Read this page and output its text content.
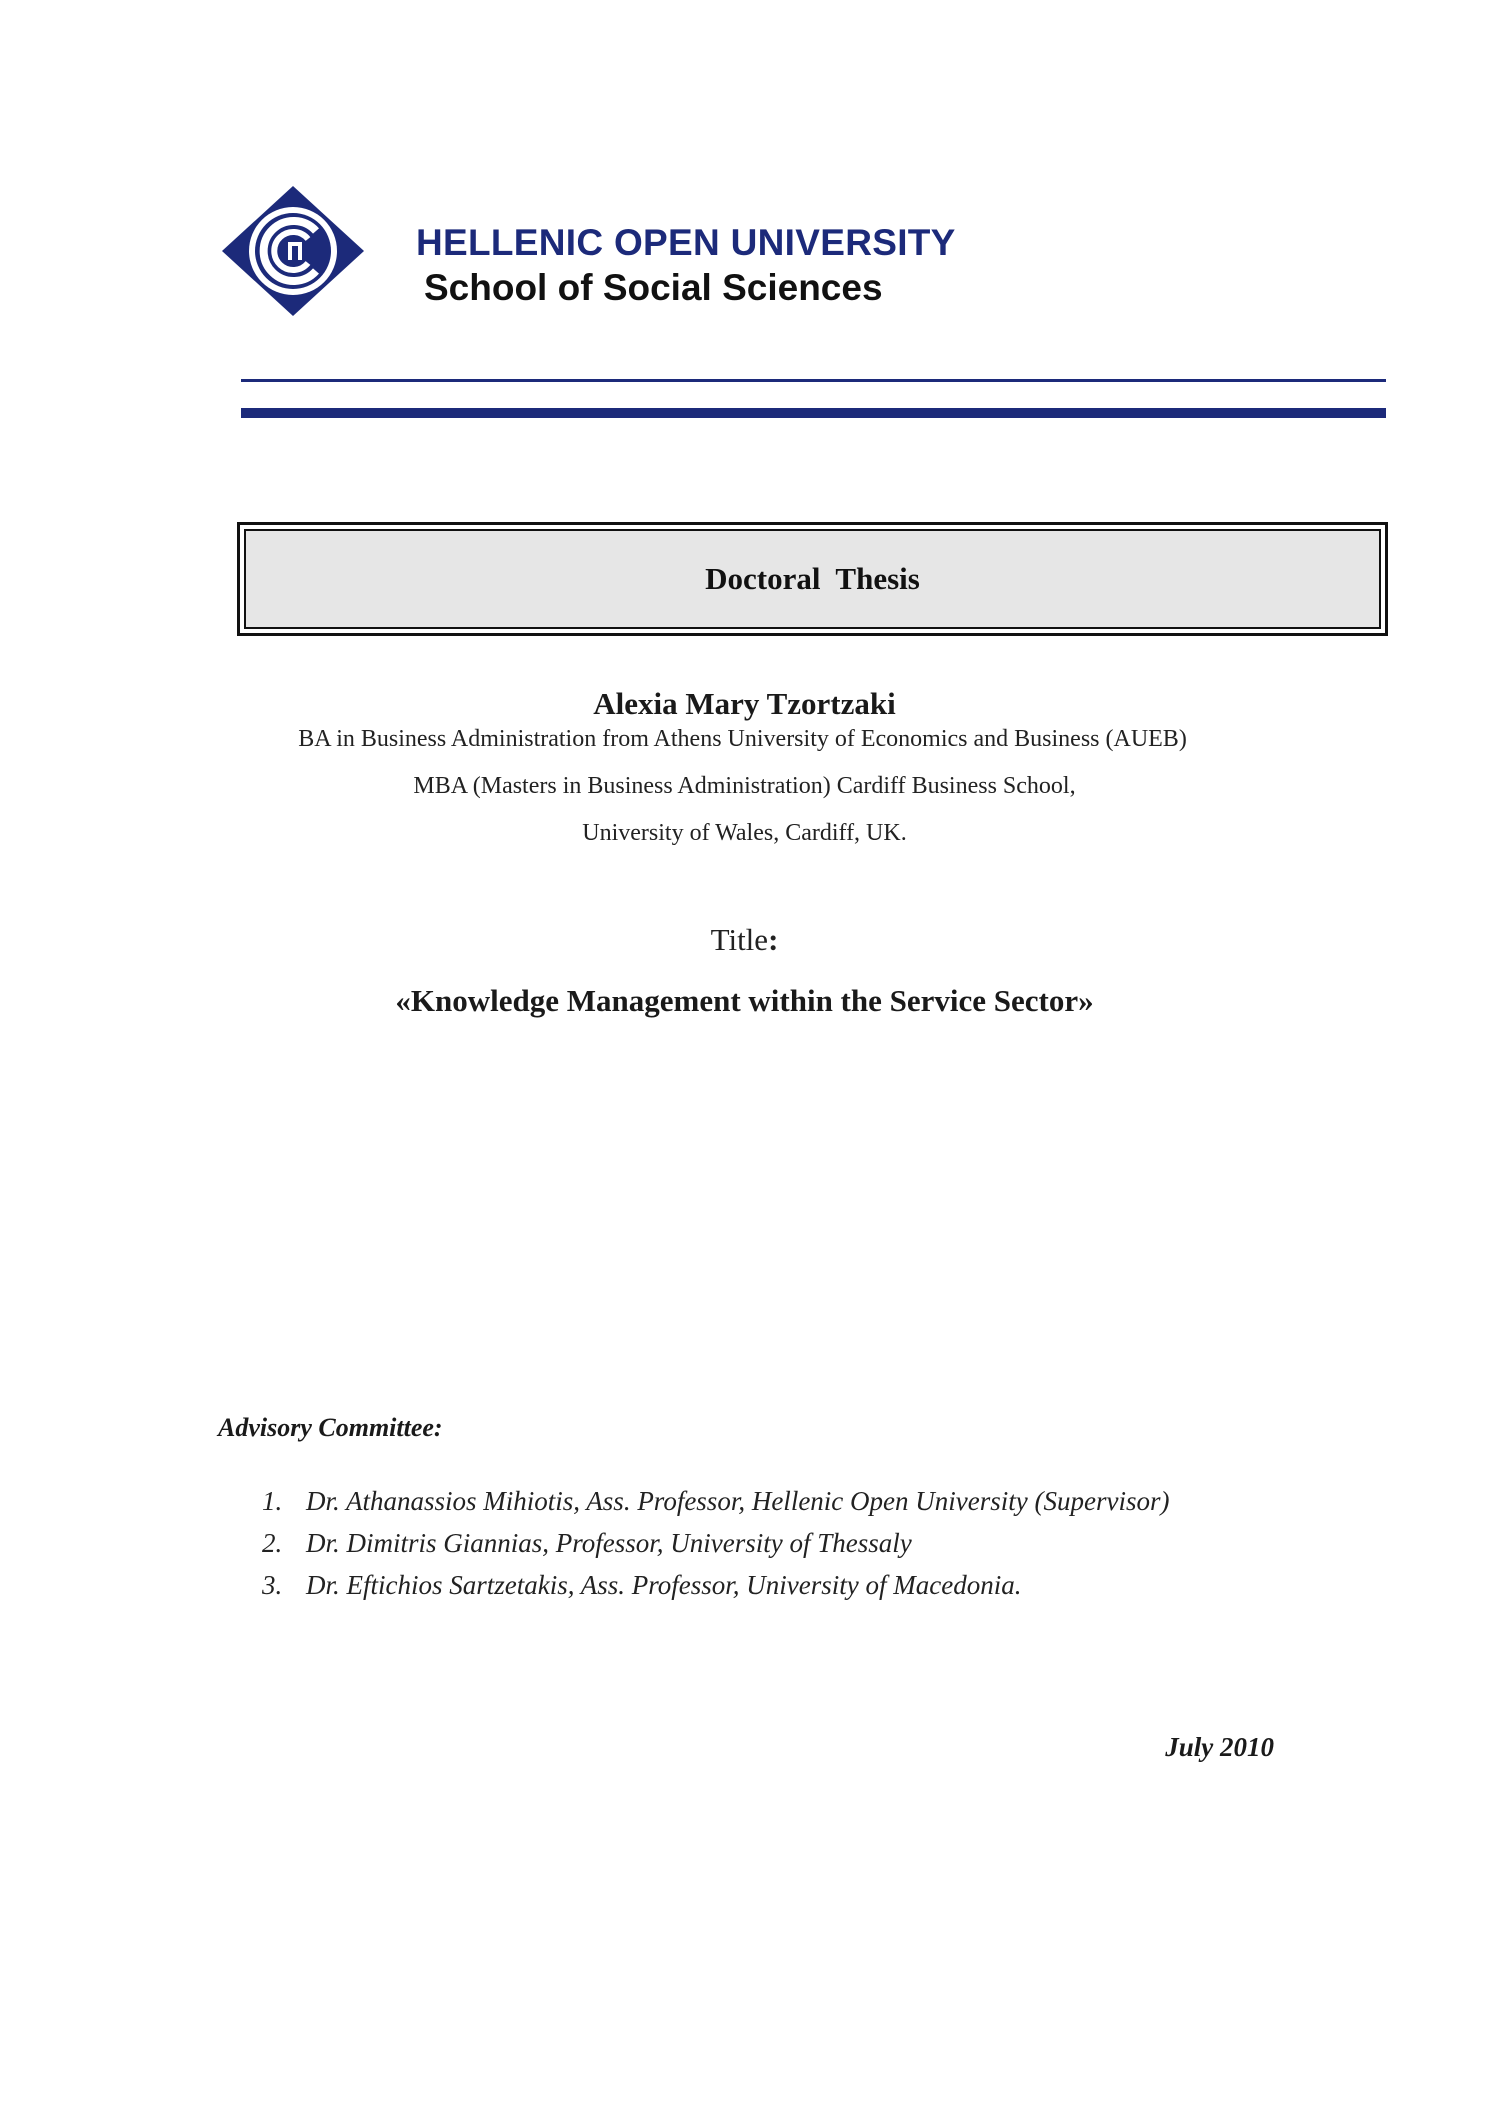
HELLENIC OPEN UNIVERSITY
School of Social Sciences
Doctoral  Thesis
Alexia Mary Tzortzaki
BA in Business Administration from Athens University of Economics and Business (AUEB)
MBA (Masters in Business Administration) Cardiff Business School,
University of Wales, Cardiff, UK.
Title:
«Knowledge Management within the Service Sector»
Advisory Committee:
1. Dr. Athanassios Mihiotis, Ass. Professor, Hellenic Open University (Supervisor)
2. Dr. Dimitris Giannias, Professor, University of Thessaly
3. Dr. Eftichios Sartzetakis, Ass. Professor, University of Macedonia.
July 2010
